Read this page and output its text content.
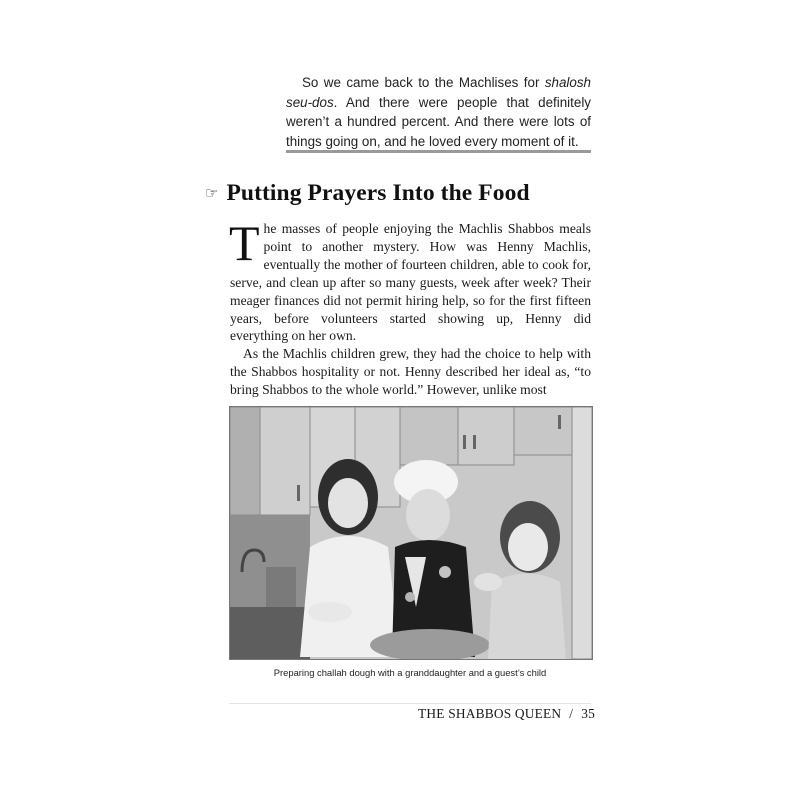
So we came back to the Machlises for shalosh seu-dos. And there were people that definitely weren’t a hundred percent. And there were lots of things going on, and he loved every moment of it.

☞ Putting Prayers Into the Food

The masses of people enjoying the Machlis Shabbos meals point to another mystery. How was Henny Machlis, eventually the mother of fourteen children, able to cook for, serve, and clean up after so many guests, week after week? Their meager finances did not permit hiring help, so for the first fifteen years, before volunteers started showing up, Henny did everything on her own.

As the Machlis children grew, they had the choice to help with the Shabbos hospitality or not. Henny described her ideal as, “to bring Shabbos to the whole world.” However, unlike most

Preparing challah dough with a granddaughter and a guest’s child
THE SHABBOS QUEEN / 35
